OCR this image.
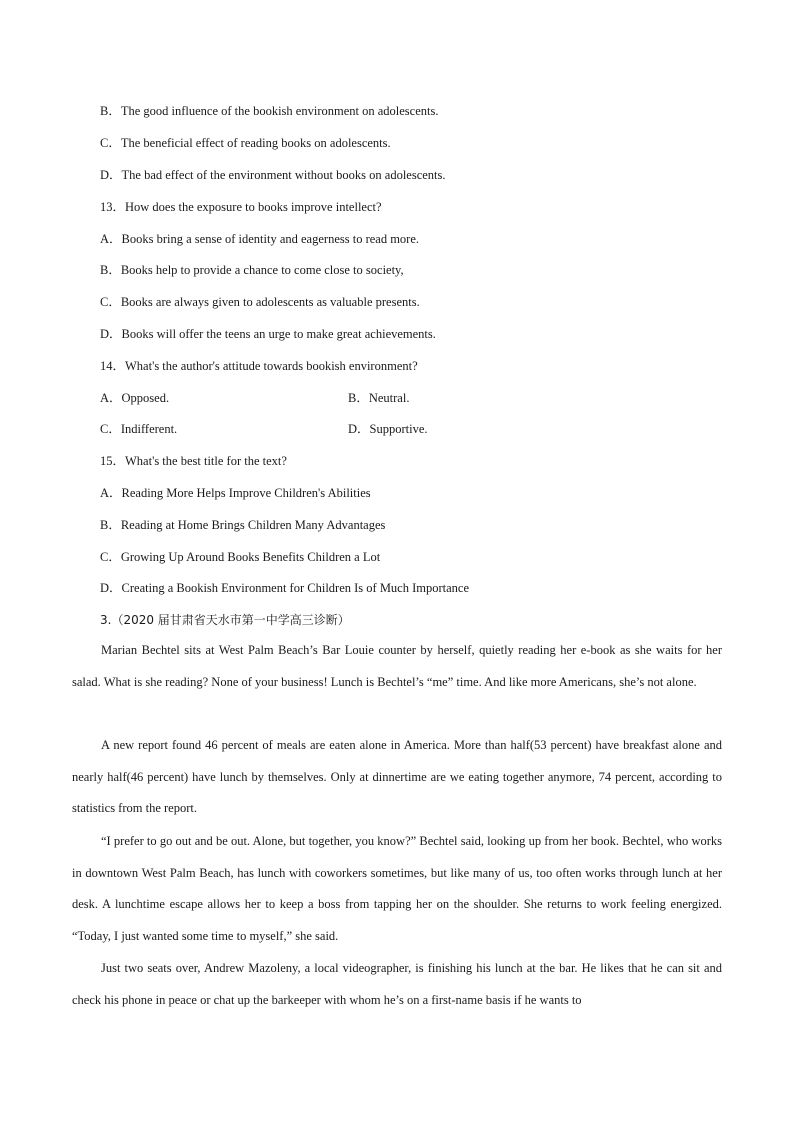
B．The good influence of the bookish environment on adolescents.
C．The beneficial effect of reading books on adolescents.
D．The bad effect of the environment without books on adolescents.
13．How does the exposure to books improve intellect?
A．Books bring a sense of identity and eagerness to read more.
B．Books help to provide a chance to come close to society,
C．Books are always given to adolescents as valuable presents.
D．Books will offer the teens an urge to make great achievements.
14．What's the author's attitude towards bookish environment?
A．Opposed.	B．Neutral.
C．Indifferent.	D．Supportive.
15．What's the best title for the text?
A．Reading More Helps Improve Children's Abilities
B．Reading at Home Brings Children Many Advantages
C．Growing Up Around Books Benefits Children a Lot
D．Creating a Bookish Environment for Children Is of Much Importance
3.（2020 届甘肃省天水市第一中学高三诊断）

Marian Bechtel sits at West Palm Beach’s Bar Louie counter by herself, quietly reading her e-book as she waits for her salad. What is she reading? None of your business! Lunch is Bechtel’s “me” time. And like more Americans, she’s not alone.

A new report found 46 percent of meals are eaten alone in America. More than half(53 percent) have breakfast alone and nearly half(46 percent) have lunch by themselves. Only at dinnertime are we eating together anymore, 74 percent, according to statistics from the report.

“I prefer to go out and be out. Alone, but together, you know?” Bechtel said, looking up from her book. Bechtel, who works in downtown West Palm Beach, has lunch with coworkers sometimes, but like many of us, too often works through lunch at her desk. A lunchtime escape allows her to keep a boss from tapping her on the shoulder. She returns to work feeling energized. “Today, I just wanted some time to myself,” she said.

Just two seats over, Andrew Mazoleny, a local videographer, is finishing his lunch at the bar. He likes that he can sit and check his phone in peace or chat up the barkeeper with whom he’s on a first-name basis if he wants to
